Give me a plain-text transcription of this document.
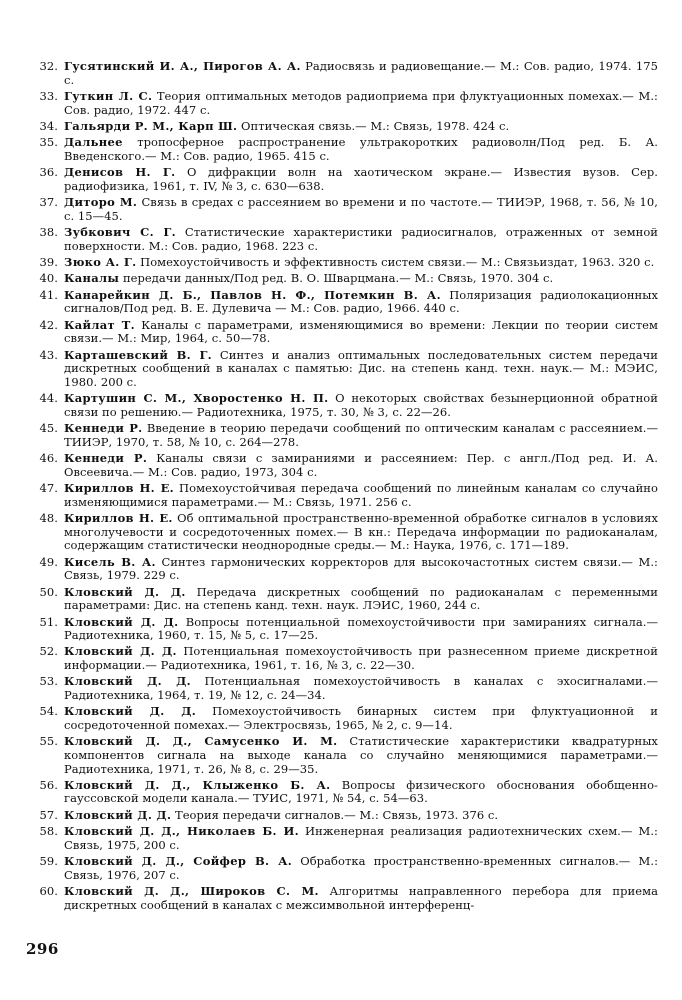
32. Гусятинский И. А., Пирогов А. А. Радиосвязь и радиовещание.— М.: Сов. радио, 1974. 175 с.
33. Гуткин Л. С. Теория оптимальных методов радиоприема при флуктуационных помехах.— М.: Сов. радио, 1972. 447 с.
34. Гальярди Р. М., Карп Ш. Оптическая связь.— М.: Связь, 1978. 424 с.
35. Дальнее тропосферное распространение ультракоротких радиоволн/Под ред. Б. А. Введенского.— М.: Сов. радио, 1965. 415 с.
36. Денисов Н. Г. О дифракции волн на хаотическом экране.— Известия вузов. Сер. радиофизика, 1961, т. IV, № 3, с. 630—638.
37. Диторо М. Связь в средах с рассеянием во времени и по частоте.— ТИИЭР, 1968, т. 56, № 10, с. 15—45.
38. Зубкович С. Г. Статистические характеристики радиосигналов, отраженных от земной поверхности. М.: Сов. радио, 1968. 223 с.
39. Зюко А. Г. Помехоустойчивость и эффективность систем связи.— М.: Связьиздат, 1963. 320 с.
40. Каналы передачи данных/Под ред. В. О. Шварцмана.— М.: Связь, 1970. 304 с.
41. Канарейкин Д. Б., Павлов Н. Ф., Потемкин В. А. Поляризация радиолокационных сигналов/Под ред. В. Е. Дулевича — М.: Сов. радио, 1966. 440 с.
42. Кайлат Т. Каналы с параметрами, изменяющимися во времени: Лекции по теории систем связи.— М.: Мир, 1964, с. 50—78.
43. Карташевский В. Г. Синтез и анализ оптимальных последовательных систем передачи дискретных сообщений в каналах с памятью: Дис. на степень канд. техн. наук.— М.: МЭИС, 1980. 200 с.
44. Картушин С. М., Хворостенко Н. П. О некоторых свойствах безынерционной обратной связи по решению.— Радиотехника, 1975, т. 30, № 3, с. 22—26.
45. Кеннеди Р. Введение в теорию передачи сообщений по оптическим каналам с рассеянием.— ТИИЭР, 1970, т. 58, № 10, с. 264—278.
46. Кеннеди Р. Каналы связи с замираниями и рассеянием: Пер. с англ./Под ред. И. А. Овсеевича.— М.: Сов. радио, 1973, 304 с.
47. Кириллов Н. Е. Помехоустойчивая передача сообщений по линейным каналам со случайно изменяющимися параметрами.— М.: Связь, 1971. 256 с.
48. Кириллов Н. Е. Об оптимальной пространственно-временной обработке сигналов в условиях многолучевости и сосредоточенных помех.— В кн.: Передача информации по радиоканалам, содержащим статистически неоднородные среды.— М.: Наука, 1976, с. 171—189.
49. Кисель В. А. Синтез гармонических корректоров для высокочастотных систем связи.— М.: Связь, 1979. 229 с.
50. Кловский Д. Д. Передача дискретных сообщений по радиоканалам с переменными параметрами: Дис. на степень канд. техн. наук. ЛЭИС, 1960, 244 с.
51. Кловский Д. Д. Вопросы потенциальной помехоустойчивости при замираниях сигнала.— Радиотехника, 1960, т. 15, № 5, с. 17—25.
52. Кловский Д. Д. Потенциальная помехоустойчивость при разнесенном приеме дискретной информации.— Радиотехника, 1961, т. 16, № 3, с. 22—30.
53. Кловский Д. Д. Потенциальная помехоустойчивость в каналах с эхосигналами.— Радиотехника, 1964, т. 19, № 12, с. 24—34.
54. Кловский Д. Д. Помехоустойчивость бинарных систем при флуктуационной и сосредоточенной помехах.— Электросвязь, 1965, № 2, с. 9—14.
55. Кловский Д. Д., Самусенко И. М. Статистические характеристики квадратурных компонентов сигнала на выходе канала со случайно меняющимися параметрами.— Радиотехника, 1971, т. 26, № 8, с. 29—35.
56. Кловский Д. Д., Клыженко Б. А. Вопросы физического обоснования обобщенно-гауссовской модели канала.— ТУИС, 1971, № 54, с. 54—63.
57. Кловский Д. Д. Теория передачи сигналов.— М.: Связь, 1973. 376 с.
58. Кловский Д. Д., Николаев Б. И. Инженерная реализация радиотехнических схем.— М.: Связь, 1975, 200 с.
59. Кловский Д. Д., Сойфер В. А. Обработка пространственно-временных сигналов.— М.: Связь, 1976, 207 с.
60. Кловский Д. Д., Широков С. М. Алгоритмы направленного перебора для приема дискретных сообщений в каналах с межсимвольной интерференц-
296
